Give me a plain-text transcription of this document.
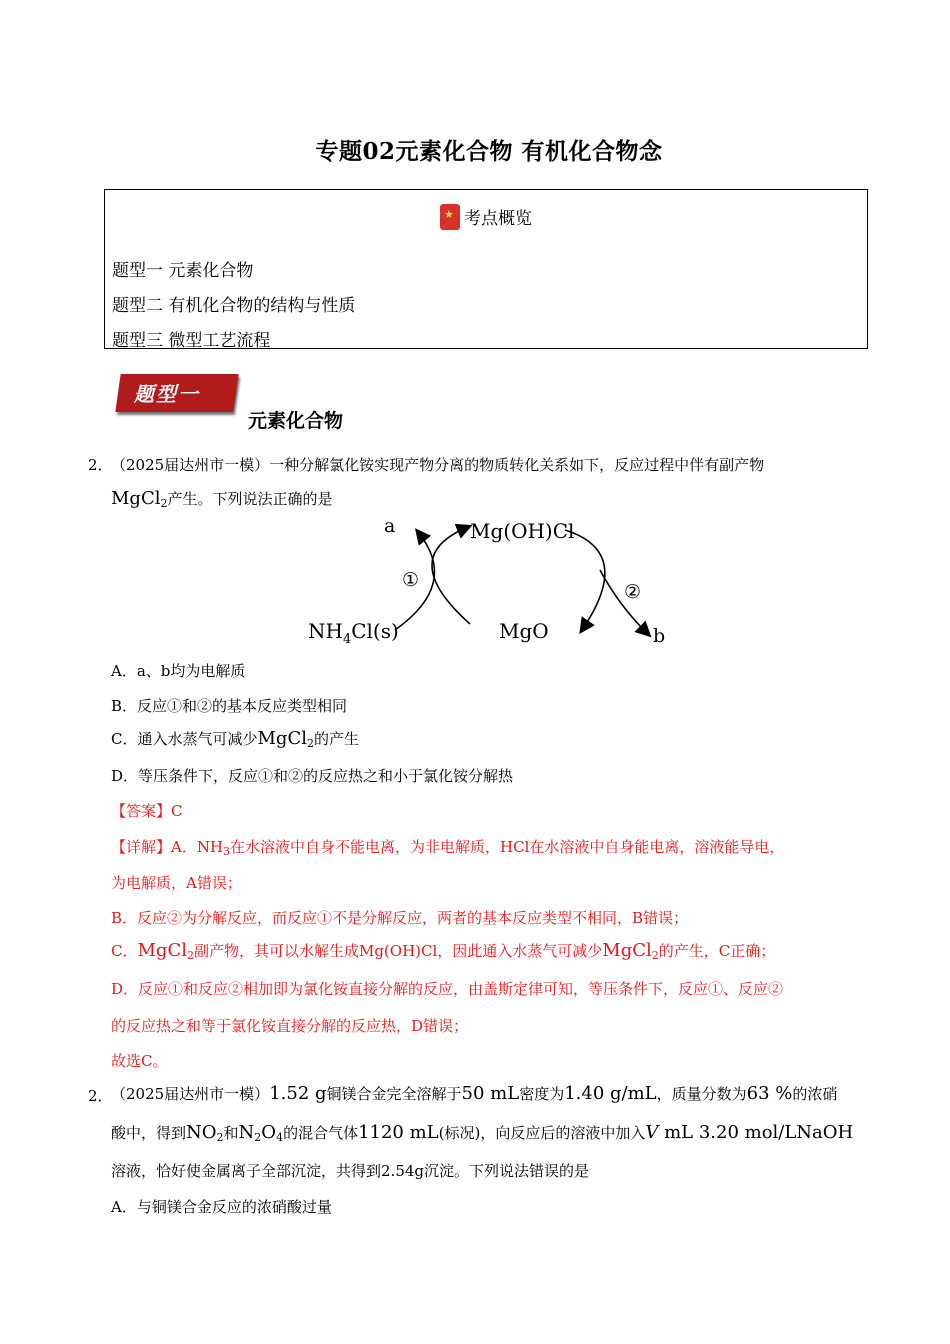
专题02元素化合物 有机化合物念
★考点概览
题型一 元素化合物
题型二 有机化合物的结构与性质
题型三 微型工艺流程
题型一
元素化合物
2．
（2025届达州市一模）一种分解氯化铵实现产物分离的物质转化关系如下，反应过程中伴有副产物
MgCl$_2$产生。下列说法正确的是
a
①
Mg(OH)Cl
②
MgO	b
$NH_4Cl(s)$
A．a、b均为电解质
B．反应①和②的基本反应类型相同
C．通入水蒸气可减少MgCl$_2$的产生
D．等压条件下，反应①和②的反应热之和小于氯化铵分解热
【答案】C
【详解】A．$NH_3$在水溶液中自身不能电离，为非电解质，HCl在水溶液中自身能电离，溶液能导电，
为电解质，A错误；
B．反应②为分解反应，而反应①不是分解反应，两者的基本反应类型不相同，B错误；
C．MgCl$_2$副产物，其可以水解生成Mg(OH)Cl，因此通入水蒸气可减少MgCl$_2$的产生，C正确；
D．反应①和反应②相加即为氯化铵直接分解的反应，由盖斯定律可知，等压条件下，反应①、反应②
的反应热之和等于氯化铵直接分解的反应热，D错误；
故选C。
2．
（2025届达州市一模）1.52 g铜镁合金完全溶解于50 mL密度为1.40 g/mL，质量分数为63 %的浓硝
酸中，得到$NO_2$和$N_2O_4$的混合气体1120 mL(标况)，向反应后的溶液中加入V mL 3.20 mol/LNaOH
溶液，恰好使金属离子全部沉淀，共得到2.54g沉淀。下列说法错误的是
A．与铜镁合金反应的浓硝酸过量
